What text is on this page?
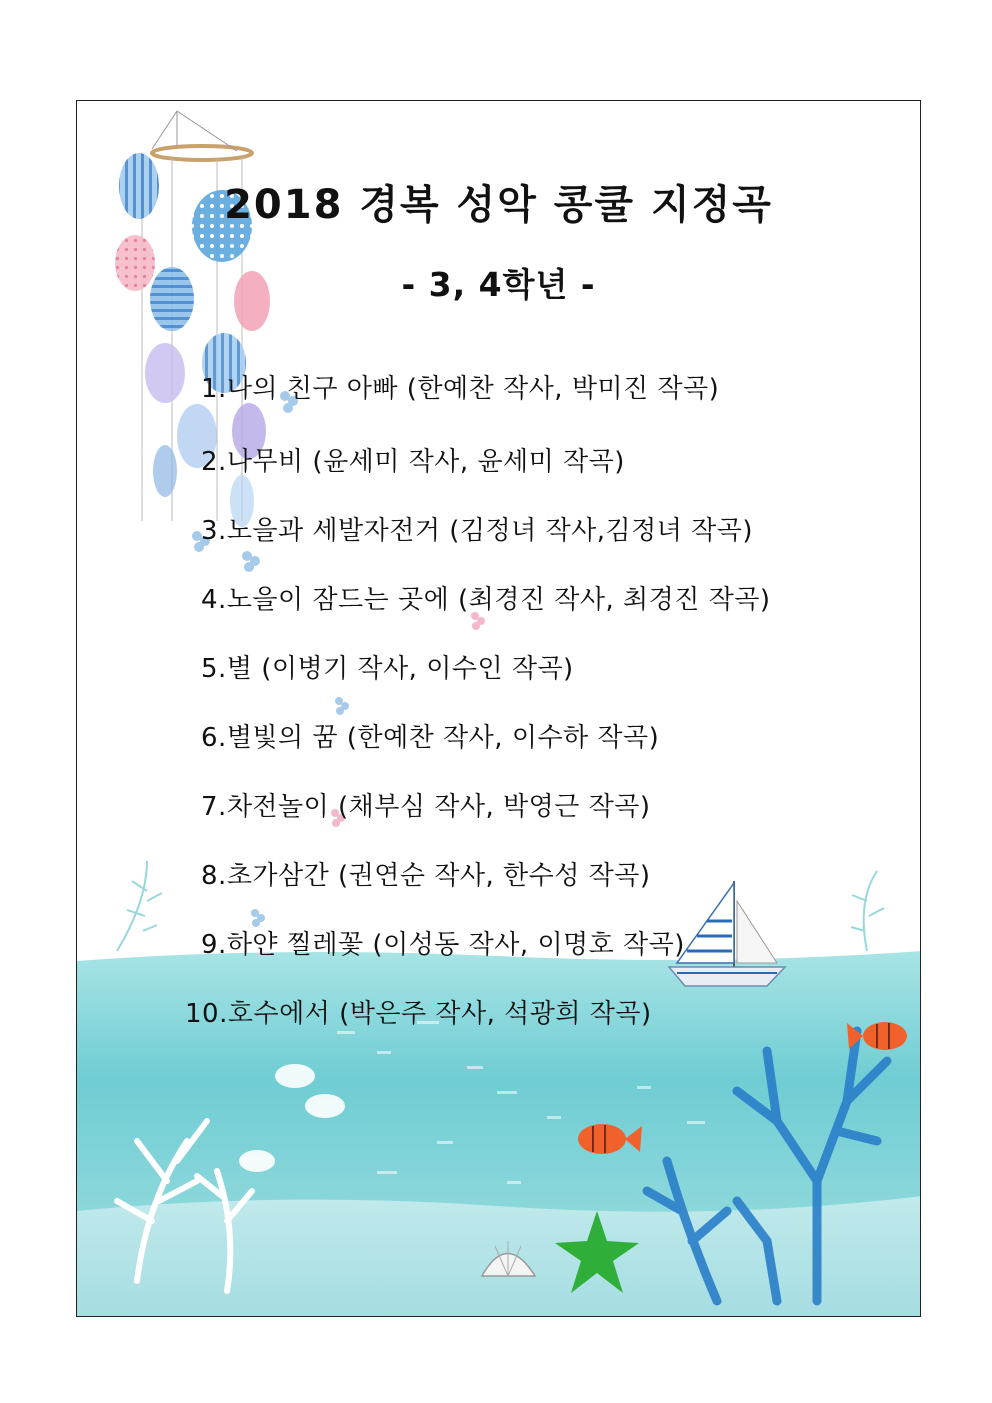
2018 경복 성악 콩쿨 지정곡
- 3, 4학년 -
1.나의 친구 아빠 (한예찬 작사, 박미진 작곡)
2.나무비 (윤세미 작사, 윤세미 작곡)
3.노을과 세발자전거 (김정녀 작사,김정녀 작곡)
4.노을이 잠드는 곳에 (최경진 작사, 최경진 작곡)
5.별 (이병기 작사, 이수인 작곡)
6.별빛의 꿈 (한예찬 작사, 이수하 작곡)
7.차전놀이 (채부심 작사, 박영근 작곡)
8.초가삼간 (권연순 작사, 한수성 작곡)
9.하얀 찔레꽃 (이성동 작사, 이명호 작곡)
10.호수에서 (박은주 작사, 석광희 작곡)
